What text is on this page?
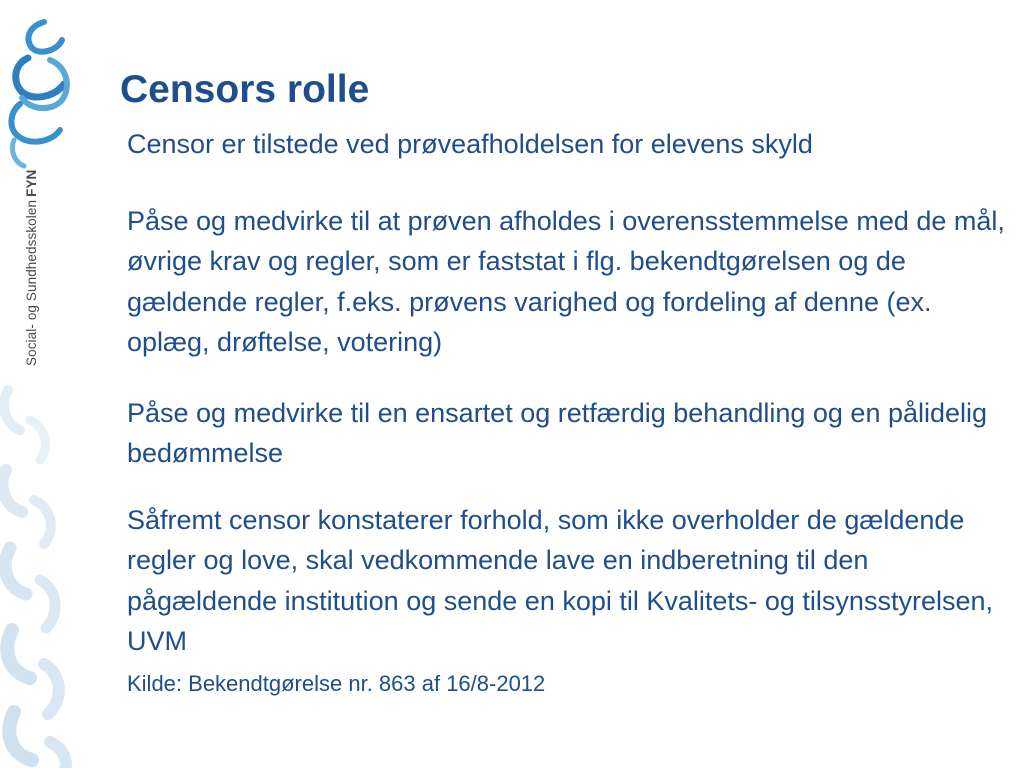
Social- og SundhedsskolenFYN
Censors rolle

Censor er tilstede ved prøveafholdelsen for elevens skyld

Påse og medvirke til at prøven afholdes i overensstemmelse med de mål, øvrige krav og regler, som er faststat i flg. bekendtgørelsen og de gældende regler, f.eks. prøvens varighed og fordeling af denne (ex. oplæg, drøftelse, votering)

Påse og medvirke til en ensartet og retfærdig behandling og en pålidelig bedømmelse

Såfremt censor konstaterer forhold, som ikke overholder de gældende regler og love, skal vedkommende lave en indberetning til den pågældende institution og sende en kopi til Kvalitets- og tilsynsstyrelsen, UVM

Kilde: Bekendtgørelse nr. 863 af 16/8-2012
